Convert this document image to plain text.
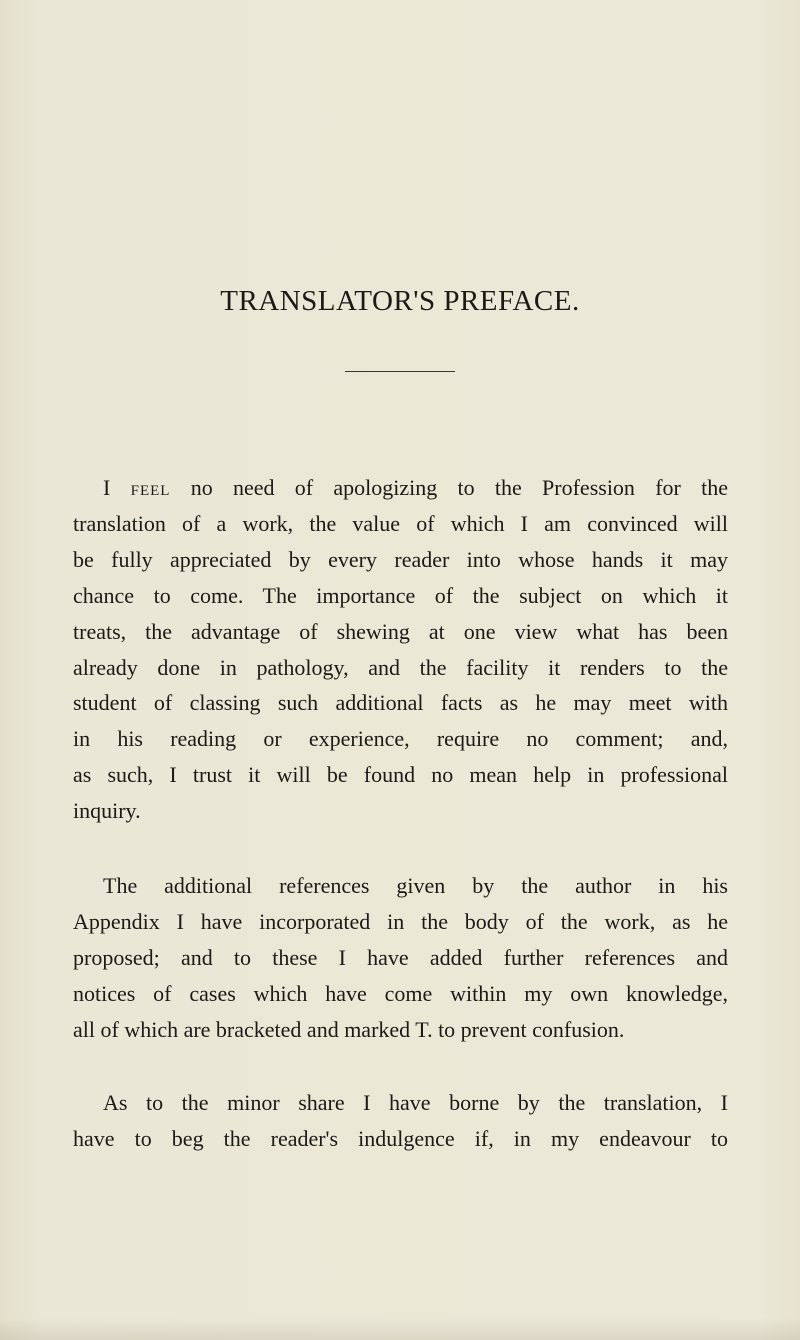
TRANSLATOR'S PREFACE.
I feel no need of apologizing to the Profession for the
translation of a work, the value of which I am convinced will
be fully appreciated by every reader into whose hands it may
chance to come. The importance of the subject on which it
treats, the advantage of shewing at one view what has been
already done in pathology, and the facility it renders to the
student of classing such additional facts as he may meet with
in his reading or experience, require no comment; and,
as such, I trust it will be found no mean help in professional
inquiry.
The additional references given by the author in his
Appendix I have incorporated in the body of the work, as he
proposed; and to these I have added further references and
notices of cases which have come within my own knowledge,
all of which are bracketed and marked T. to prevent confusion.
As to the minor share I have borne by the translation, I
have to beg the reader's indulgence if, in my endeavour to
